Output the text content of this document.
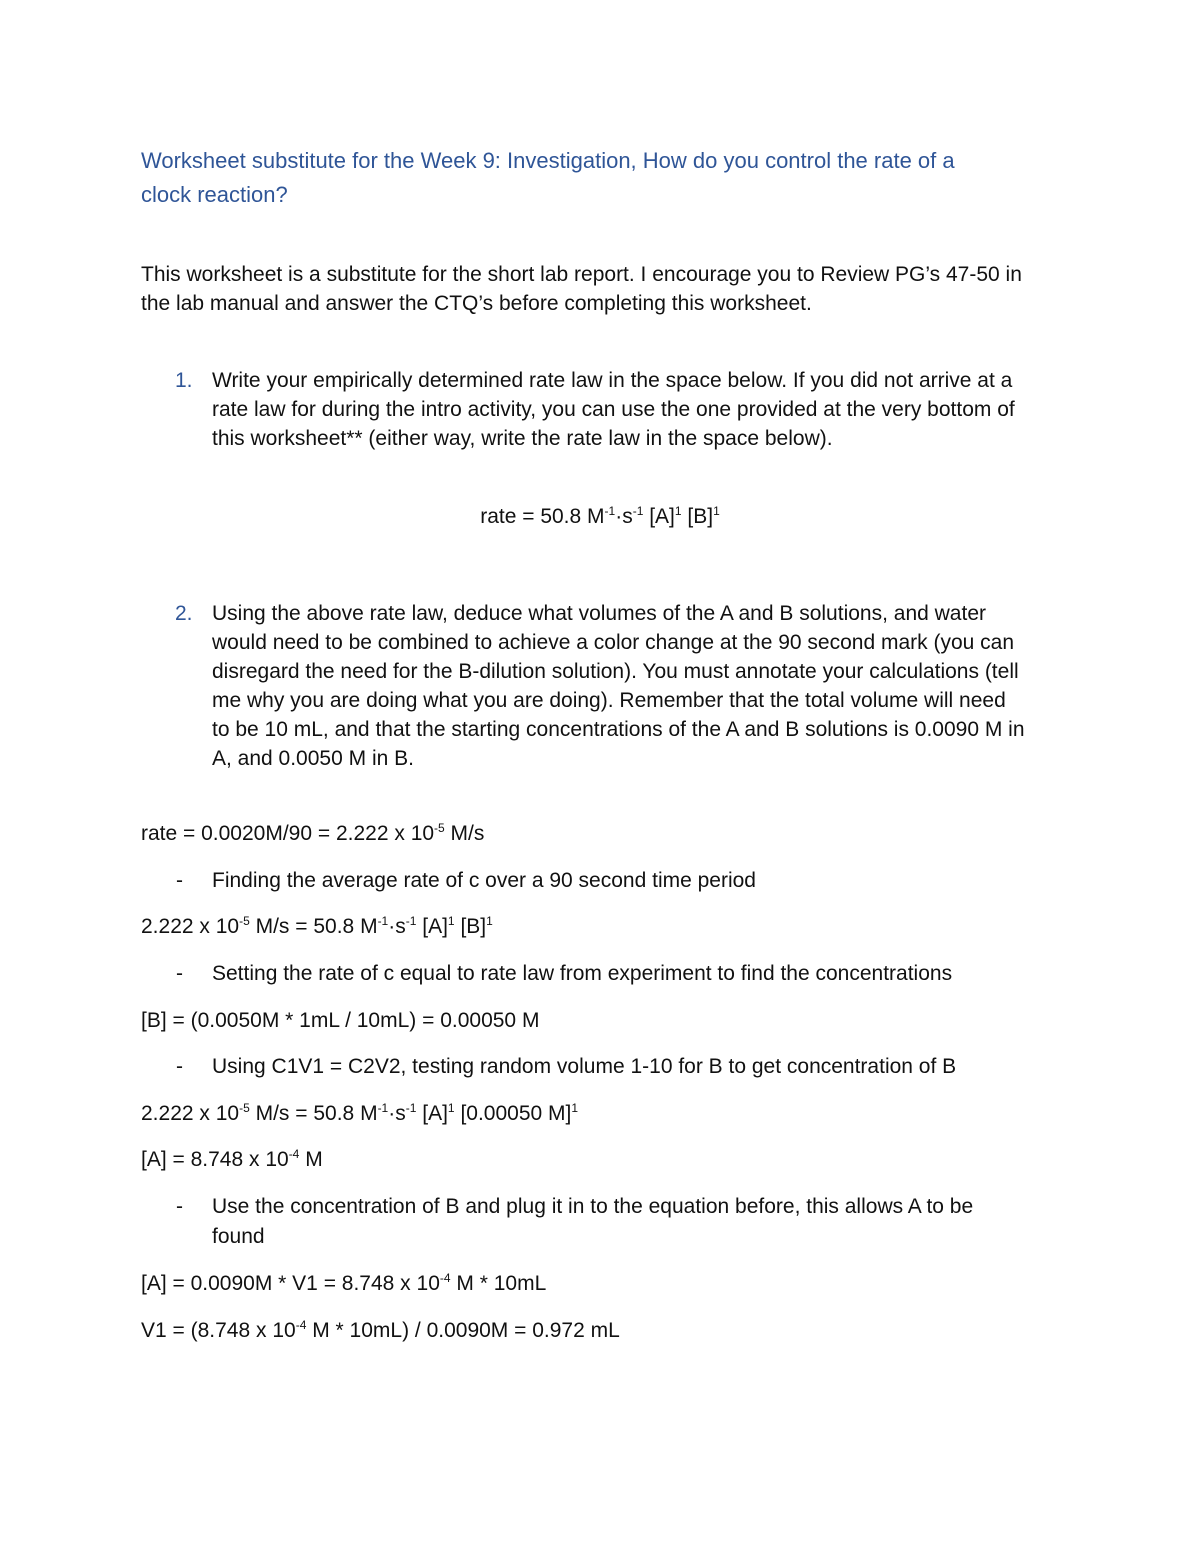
Worksheet substitute for the Week 9: Investigation, How do you control the rate of a
clock reaction?
This worksheet is a substitute for the short lab report. I encourage you to Review PG’s 47-50 in
the lab manual and answer the CTQ’s before completing this worksheet.
1. Write your empirically determined rate law in the space below. If you did not arrive at a
rate law for during the intro activity, you can use the one provided at the very bottom of
this worksheet** (either way, write the rate law in the space below).
rate = 50.8 $M^{-1}\cdot s^{-1}$ $[A]^1$ $[B]^1$
2. Using the above rate law, deduce what volumes of the A and B solutions, and water
would need to be combined to achieve a color change at the 90 second mark (you can
disregard the need for the B-dilution solution). You must annotate your calculations (tell
me why you are doing what you are doing). Remember that the total volume will need
to be 10 mL, and that the starting concentrations of the A and B solutions is 0.0090 M in
A, and 0.0050 M in B.
rate = 0.0020M/90 = 2.222 x $10^{-5}$ M/s
- Finding the average rate of c over a 90 second time period
2.222 x $10^{-5}$ M/s = 50.8 $M^{-1}\cdot s^{-1}$ $[A]^1$ $[B]^1$
- Setting the rate of c equal to rate law from experiment to find the concentrations
[B] = (0.0050M * 1mL / 10mL) = 0.00050 M
- Using C1V1 = C2V2, testing random volume 1-10 for B to get concentration of B
2.222 x $10^{-5}$ M/s = 50.8 $M^{-1}\cdot s^{-1}$ $[A]^1$ [0.00050 M]$^1$
[A] = 8.748 x $10^{-4}$ M
- Use the concentration of B and plug it in to the equation before, this allows A to be
found
[A] = 0.0090M * V1 = 8.748 x $10^{-4}$ M * 10mL
V1 = (8.748 x $10^{-4}$ M * 10mL) / 0.0090M = 0.972 mL
